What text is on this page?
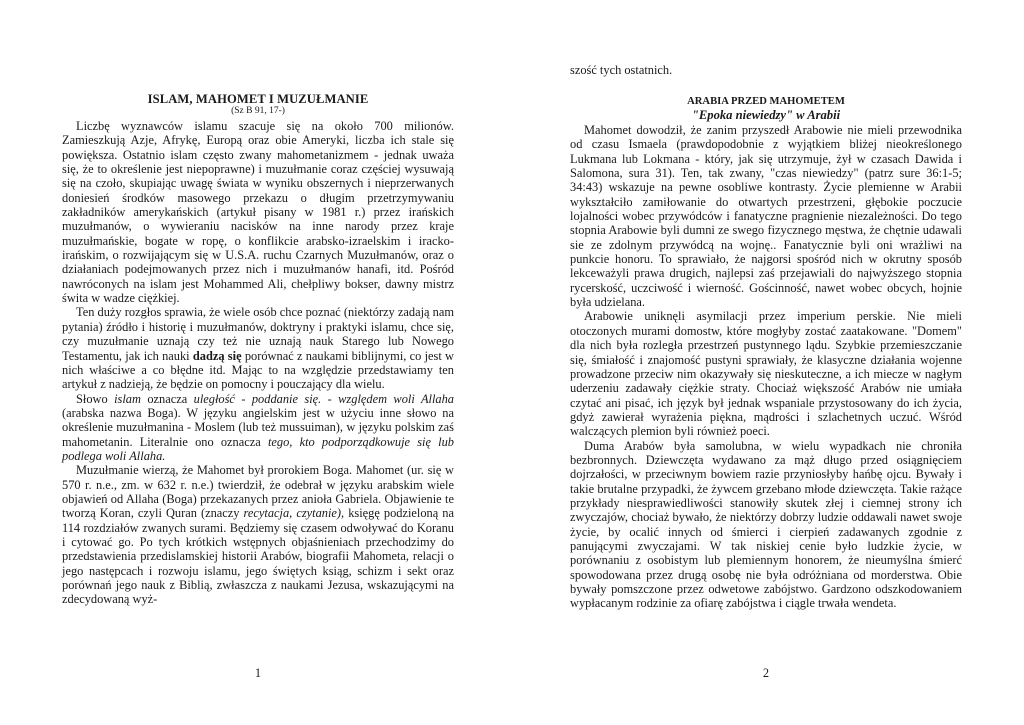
ISLAM, MAHOMET I MUZUŁMANIE
(Sz B 91, 17-)

Liczbę wyznawców islamu szacuje się na około 700 milionów. Zamieszkują Azje, Afrykę, Europą oraz obie Ameryki, liczba ich stale się powiększa. Ostatnio islam często zwany mahometanizmem - jednak uważa się, że to określenie jest niepoprawne) i muzułmanie coraz częściej wysuwają się na czoło, skupiając uwagę świata w wyniku obszernych i nieprzerwanych doniesień środków masowego przekazu o długim przetrzymywaniu zakładników amerykańskich (artykuł pisany w 1981 r.) przez irańskich muzułmanów, o wywieraniu nacisków na inne narody przez kraje muzułmańskie, bogate w ropę, o konflikcie arabsko-izraelskim i iracko-irańskim, o rozwijającym się w U.S.A. ruchu Czarnych Muzułmanów, oraz o działaniach podejmowanych przez nich i muzułmanów hanafi, itd. Pośród nawróconych na islam jest Mohammed Ali, chełpliwy bokser, dawny mistrz świta w wadze ciężkiej.

Ten duży rozgłos sprawia, że wiele osób chce poznać (niektórzy zadają nam pytania) źródło i historię i muzułmanów, doktryny i praktyki islamu, chce się, czy muzułmanie uznają czy też nie uznają nauk Starego lub Nowego Testamentu, jak ich nauki dadzą się porównać z naukami biblijnymi, co jest w nich właściwe a co błędne itd. Mając to na względzie przedstawiamy ten artykuł z nadzieją, że będzie on pomocny i pouczający dla wielu.

Słowo islam oznacza uległość - poddanie się. - względem woli Allaha (arabska nazwa Boga). W języku angielskim jest w użyciu inne słowo na określenie muzułmanina - Moslem (lub też mussuiman), w języku polskim zaś mahometanin. Literalnie ono oznacza tego, kto podporządkowuje się lub podlega woli Allaha.

Muzułmanie wierzą, że Mahomet był prorokiem Boga. Mahomet (ur. się w 570 r. n.e., zm. w 632 r. n.e.) twierdził, że odebrał w języku arabskim wiele objawień od Allaha (Boga) przekazanych przez anioła Gabriela. Objawienie te tworzą Koran, czyli Quran (znaczy recytacja, czytanie), księgę podzieloną na 114 rozdziałów zwanych surami. Będziemy się czasem odwoływać do Koranu i cytować go. Po tych krótkich wstępnych objaśnieniach przechodzimy do przedstawienia przedislamskiej historii Arabów, biografii Mahometa, relacji o jego następcach i rozwoju islamu, jego świętych ksiąg, schizm i sekt oraz porównań jego nauk z Biblią, zwłaszcza z naukami Jezusa, wskazującymi na zdecydowaną wyż-

1
szość tych ostatnich.
ARABIA PRZED MAHOMETEM
"Epoka niewiedzy" w Arabii

Mahomet dowodził, że zanim przyszedł Arabowie nie mieli przewodnika od czasu Ismaela (prawdopodobnie z wyjątkiem bliżej nieokreślonego Lukmana lub Lokmana - który, jak się utrzymuje, żył w czasach Dawida i Salomona, sura 31). Ten, tak zwany, "czas niewiedzy" (patrz sure 36:1-5; 34:43) wskazuje na pewne osobliwe kontrasty. Życie plemienne w Arabii wykształciło zamiłowanie do otwartych przestrzeni, głębokie poczucie lojalności wobec przywódców i fanatyczne pragnienie niezależności. Do tego stopnia Arabowie byli dumni ze swego fizycznego męstwa, że chętnie udawali sie ze zdolnym przywódcą na wojnę.. Fanatycznie byli oni wrażliwi na punkcie honoru. To sprawiało, że najgorsi spośród nich w okrutny sposób lekceważyli prawa drugich, najlepsi zaś przejawiali do najwyższego stopnia rycerskość, uczciwość i wierność. Gościnność, nawet wobec obcych, hojnie była udzielana.

Arabowie uniknęli asymilacji przez imperium perskie. Nie mieli otoczonych murami domostw, które mogłyby zostać zaatakowane. "Domem" dla nich była rozległa przestrzeń pustynnego lądu. Szybkie przemieszczanie się, śmiałość i znajomość pustyni sprawiały, że klasyczne działania wojenne prowadzone przeciw nim okazywały się nieskuteczne, a ich miecze w nagłym uderzeniu zadawały ciężkie straty. Chociaż większość Arabów nie umiała czytać ani pisać, ich język był jednak wspaniale przystosowany do ich życia, gdyż zawierał wyrażenia piękna, mądrości i szlachetnych uczuć. Wśród walczących plemion byli również poeci.

Duma Arabów była samolubna, w wielu wypadkach nie chroniła bezbronnych. Dziewczęta wydawano za mąż długo przed osiągnięciem dojrzałości, w przeciwnym bowiem razie przyniosłyby hańbę ojcu. Bywały i takie brutalne przypadki, że żywcem grzebano młode dziewczęta. Takie rażące przykłady niesprawiedliwości stanowiły skutek złej i ciemnej strony ich zwyczajów, chociaż bywało, że niektórzy dobrzy ludzie oddawali nawet swoje życie, by ocalić innych od śmierci i cierpień zadawanych zgodnie z panującymi zwyczajami. W tak niskiej cenie było ludzkie życie, w porównaniu z osobistym lub plemiennym honorem, że nieumyślna śmierć spowodowana przez drugą osobę nie była odróżniana od morderstwa. Obie bywały pomszczone przez odwetowe zabójstwo. Gardzono odszkodowaniem wypłacanym rodzinie za ofiarę zabójstwa i ciągle trwała wendeta.

2
